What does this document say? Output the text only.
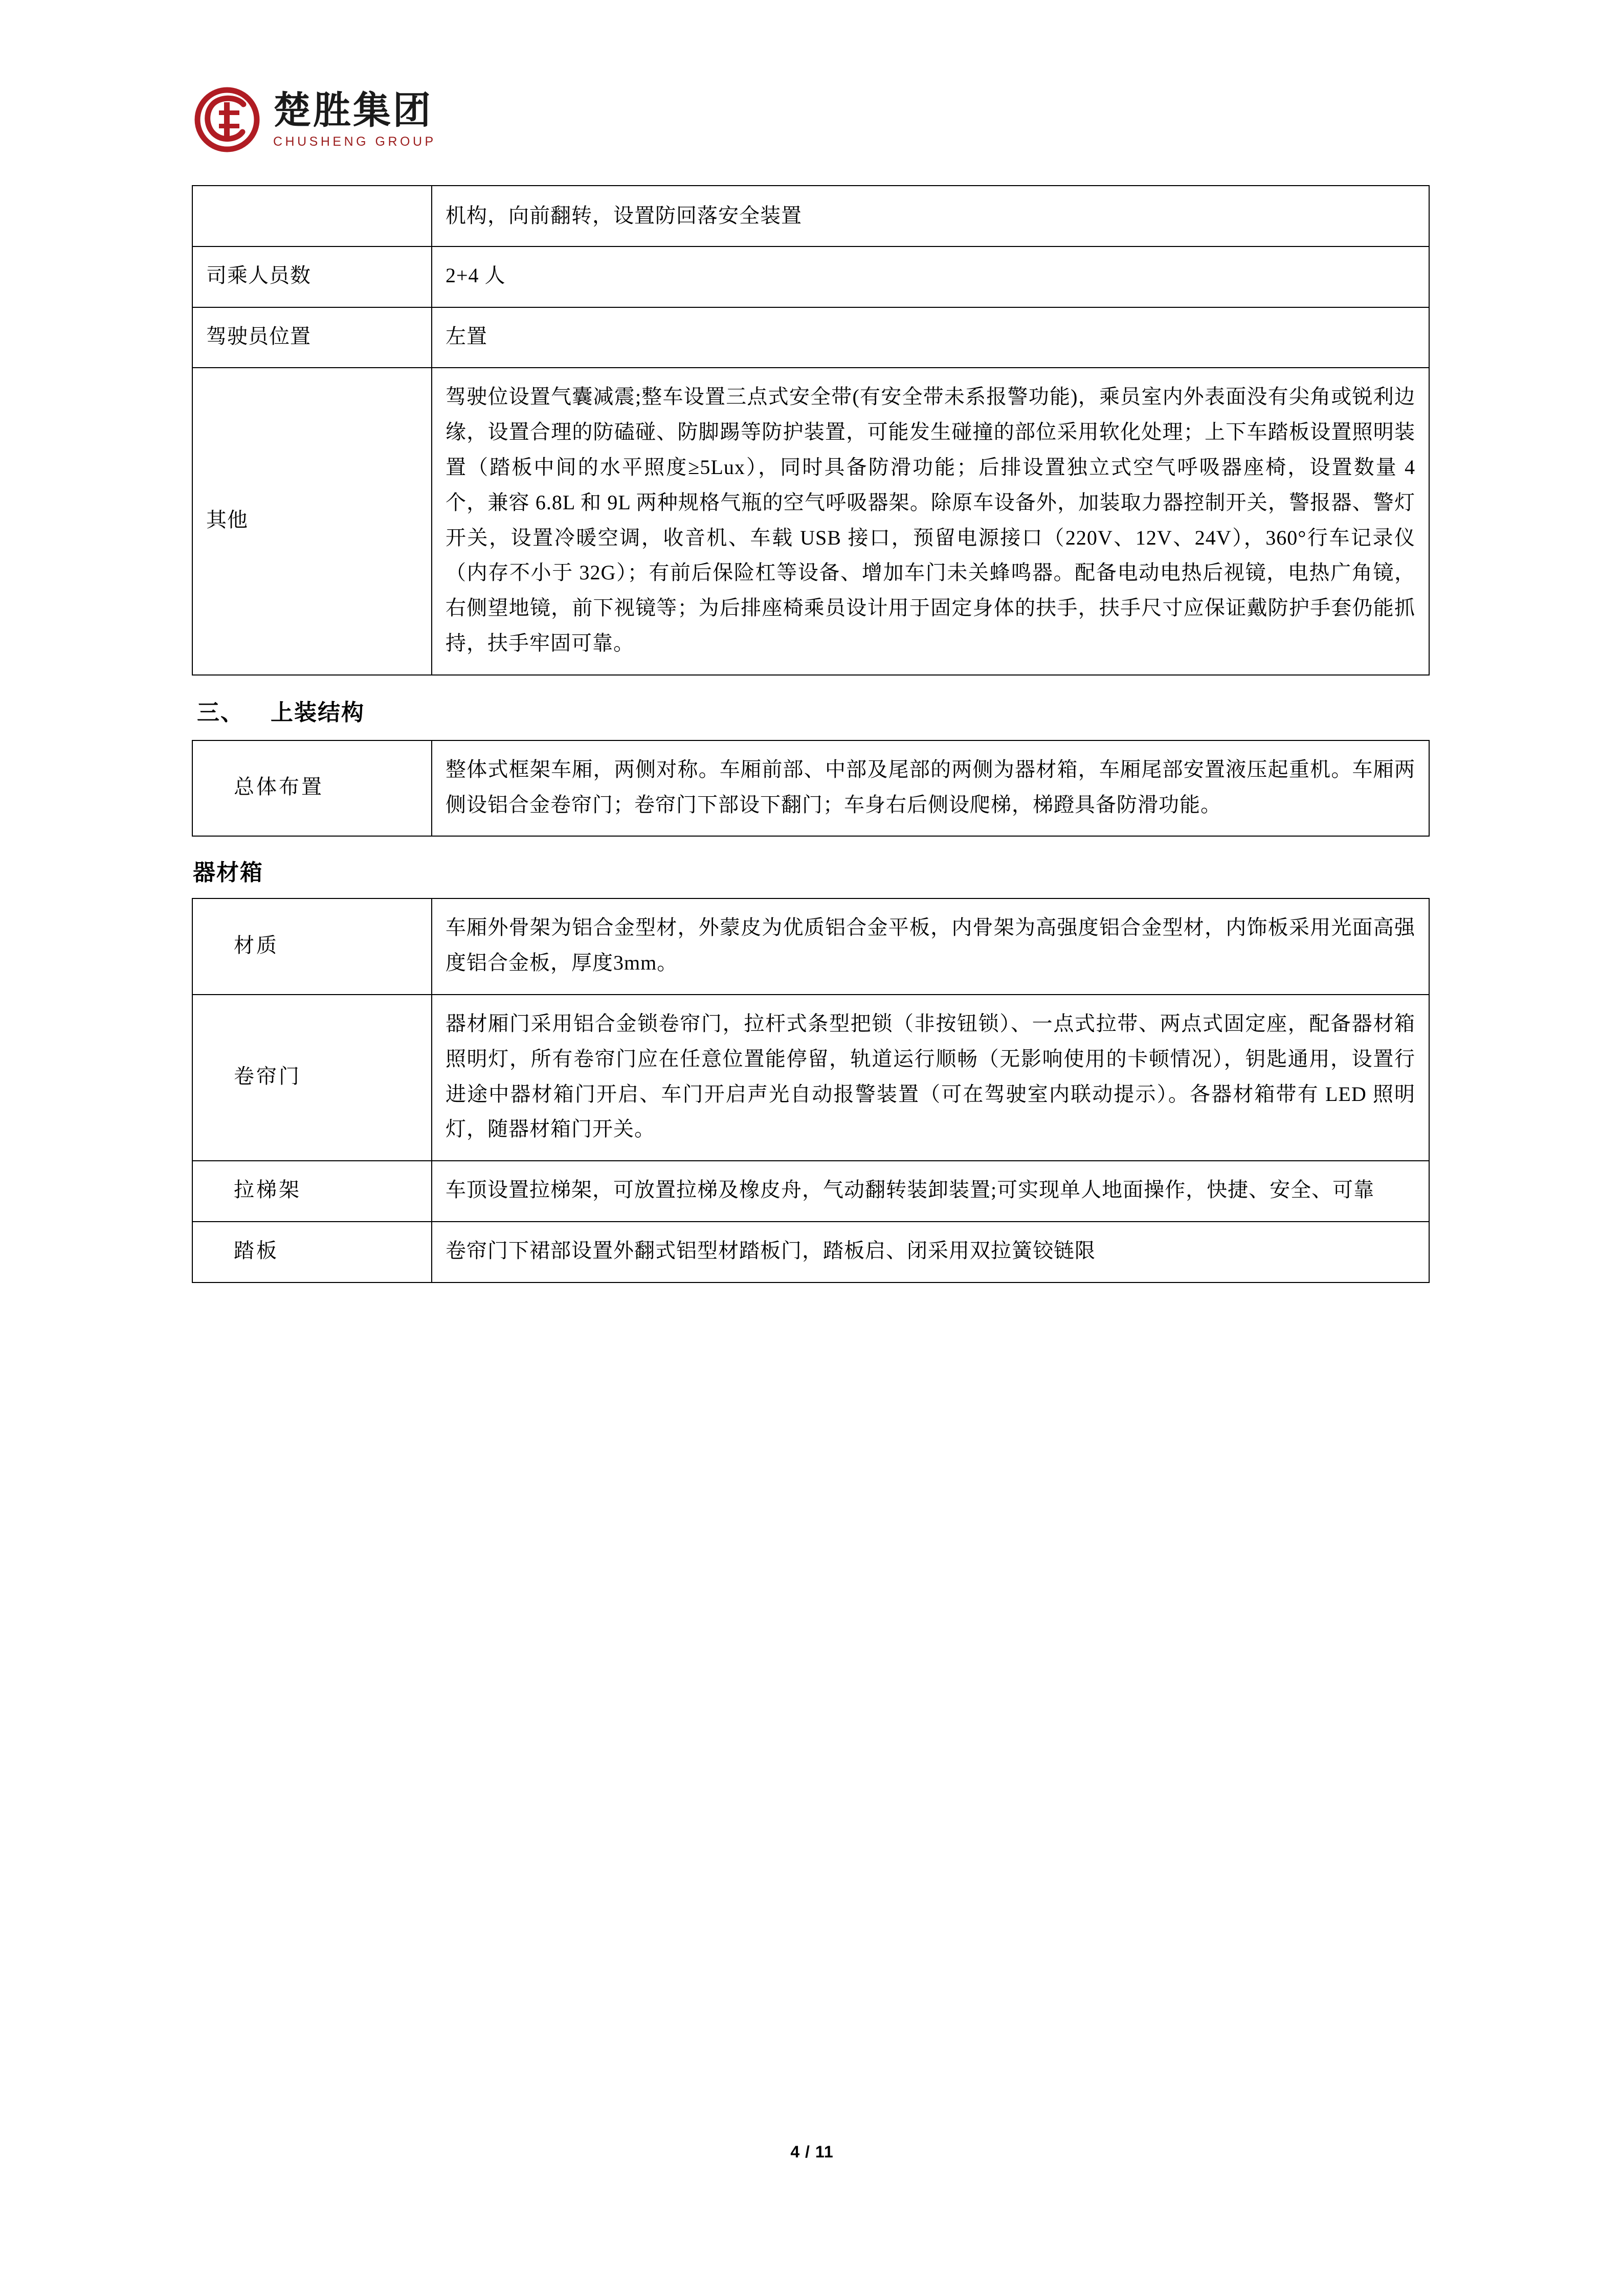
楚胜集团
CHUSHENG GROUP
	机构，向前翻转，设置防回落安全装置
司乘人员数	2+4 人
驾驶员位置	左置
其他	驾驶位设置气囊减震;整车设置三点式安全带(有安全带未系报警功能)，乘员室内外表面没有尖角或锐利边缘，设置合理的防磕碰、防脚踢等防护装置，可能发生碰撞的部位采用软化处理；上下车踏板设置照明装置（踏板中间的水平照度≥5Lux），同时具备防滑功能；后排设置独立式空气呼吸器座椅，设置数量 4 个，兼容 6.8L 和 9L 两种规格气瓶的空气呼吸器架。除原车设备外，加装取力器控制开关，警报器、警灯开关，设置冷暖空调，收音机、车载 USB 接口，预留电源接口（220V、12V、24V），360°行车记录仪（内存不小于 32G）；有前后保险杠等设备、增加车门未关蜂鸣器。配备电动电热后视镜，电热广角镜，右侧望地镜，前下视镜等；为后排座椅乘员设计用于固定身体的扶手，扶手尺寸应保证戴防护手套仍能抓持，扶手牢固可靠。
三、 上装结构
总体布置	整体式框架车厢，两侧对称。车厢前部、中部及尾部的两侧为器材箱，车厢尾部安置液压起重机。车厢两侧设铝合金卷帘门；卷帘门下部设下翻门；车身右后侧设爬梯，梯蹬具备防滑功能。
器材箱
材质	车厢外骨架为铝合金型材，外蒙皮为优质铝合金平板，内骨架为高强度铝合金型材，内饰板采用光面高强度铝合金板，厚度3mm。
卷帘门	器材厢门采用铝合金锁卷帘门，拉杆式条型把锁（非按钮锁）、一点式拉带、两点式固定座，配备器材箱照明灯，所有卷帘门应在任意位置能停留，轨道运行顺畅（无影响使用的卡顿情况），钥匙通用，设置行进途中器材箱门开启、车门开启声光自动报警装置（可在驾驶室内联动提示）。各器材箱带有 LED 照明灯，随器材箱门开关。
拉梯架	车顶设置拉梯架，可放置拉梯及橡皮舟，气动翻转装卸装置;可实现单人地面操作，快捷、安全、可靠
踏板	卷帘门下裙部设置外翻式铝型材踏板门，踏板启、闭采用双拉簧铰链限
4 / 11
